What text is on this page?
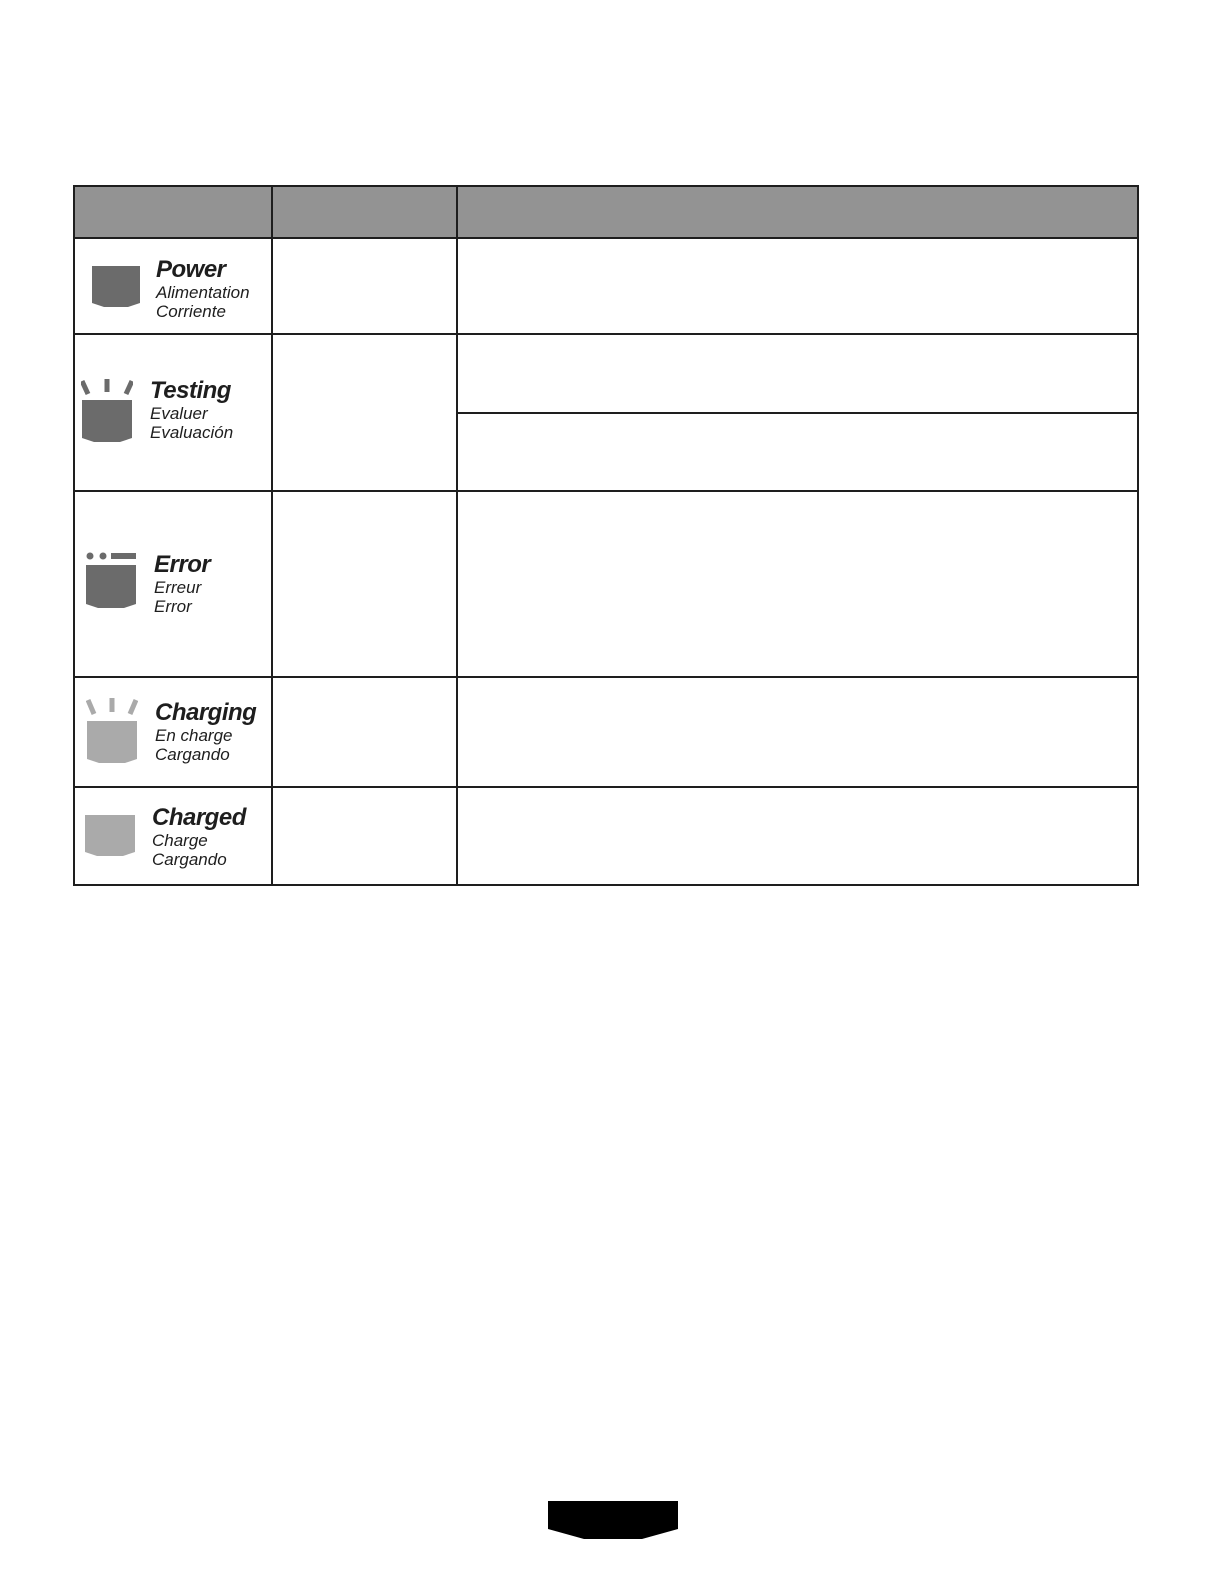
Power
Alimentation
Corriente
Testing
Evaluer
Evaluación
Error
Erreur
Error
Charging
En charge
Cargando
Charged
Charge
Cargando
